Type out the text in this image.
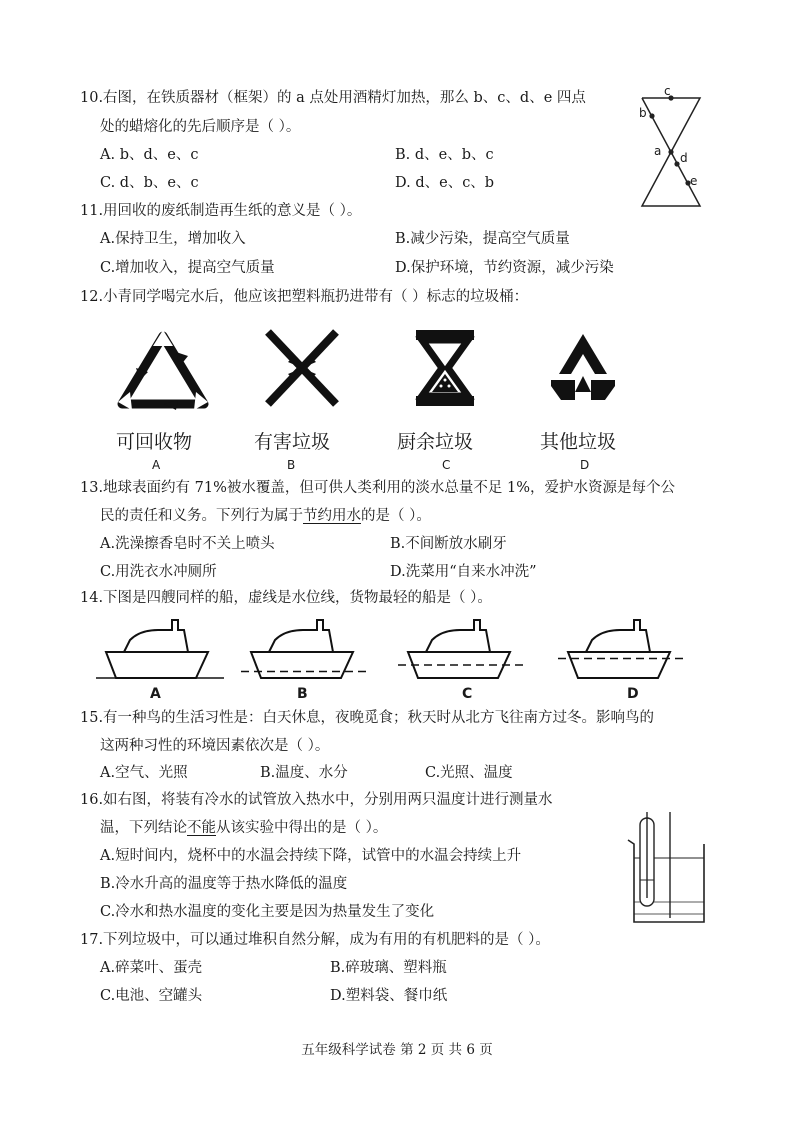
10.右图，在铁质器材（框架）的 a 点处用酒精灯加热，那么 b、c、d、e 四点
处的蜡熔化的先后顺序是（ ）。
A. b、d、e、c	B. d、e、b、c
C. d、b、e、c	D. d、e、c、b
c
b
a d
e
11.用回收的废纸制造再生纸的意义是（ ）。
A.保持卫生，增加收入	B.减少污染，提高空气质量
C.增加收入，提高空气质量	D.保护环境，节约资源，减少污染
12.小青同学喝完水后，他应该把塑料瓶扔进带有（ ）标志的垃圾桶：
可回收物	有害垃圾	厨余垃圾	其他垃圾
A	B	C	D
13.地球表面约有 71%被水覆盖，但可供人类利用的淡水总量不足 1%，爱护水资源是每个公
民的责任和义务。下列行为属于节约用水的是（ ）。
A.洗澡擦香皂时不关上喷头	B.不间断放水刷牙
C.用洗衣水冲厕所	D.洗菜用“自来水冲洗”
14.下图是四艘同样的船，虚线是水位线，货物最轻的船是（ ）。
A	B	C	D
15.有一种鸟的生活习性是：白天休息，夜晚觅食；秋天时从北方飞往南方过冬。影响鸟的
这两种习性的环境因素依次是（ ）。
A.空气、光照	B.温度、水分	C.光照、温度
16.如右图，将装有冷水的试管放入热水中，分别用两只温度计进行测量水
温，下列结论不能从该实验中得出的是（ ）。
A.短时间内，烧杯中的水温会持续下降，试管中的水温会持续上升
B.冷水升高的温度等于热水降低的温度
C.冷水和热水温度的变化主要是因为热量发生了变化
17.下列垃圾中，可以通过堆积自然分解，成为有用的有机肥料的是（ ）。
A.碎菜叶、蛋壳	B.碎玻璃、塑料瓶
C.电池、空罐头	D.塑料袋、餐巾纸
五年级科学试卷 第 2 页 共 6 页
